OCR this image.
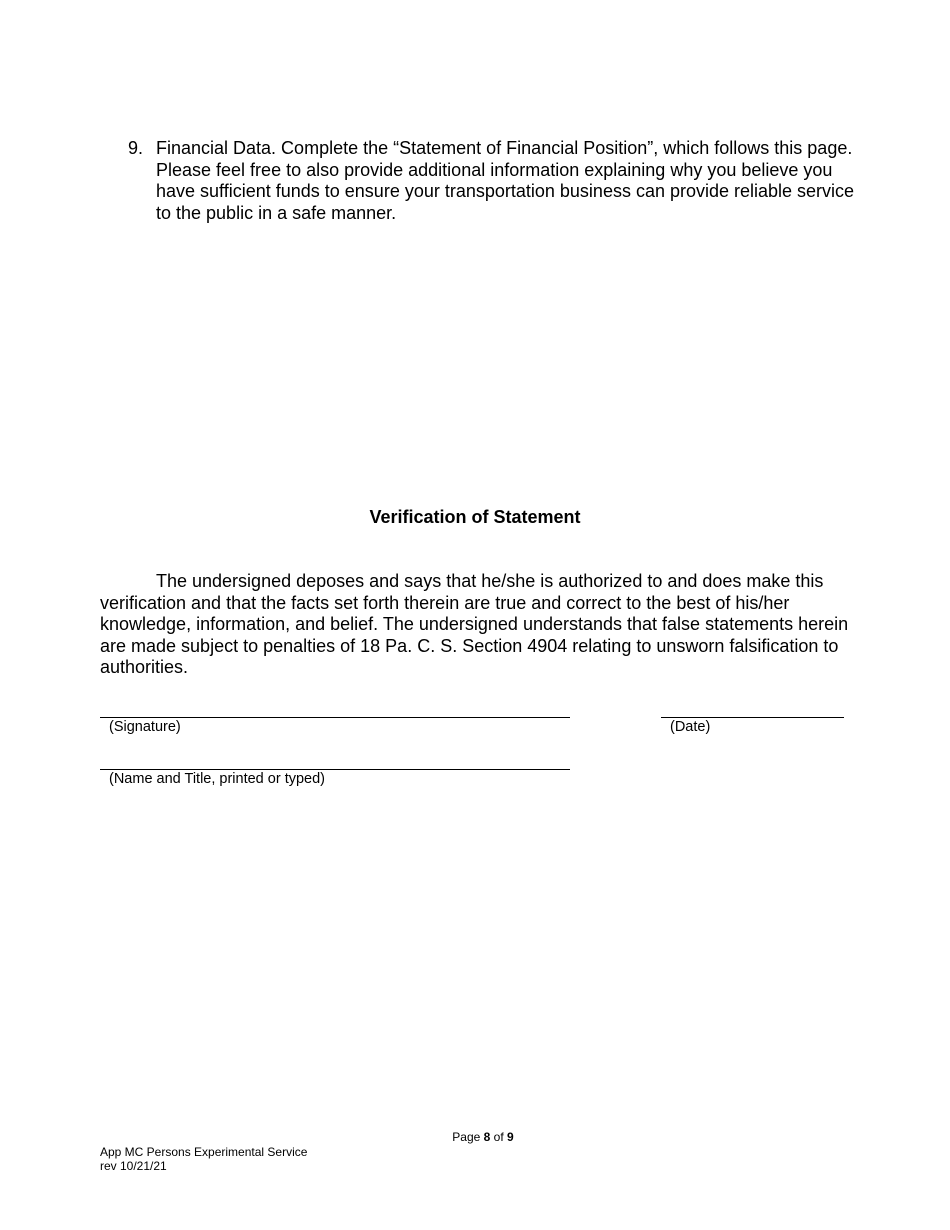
9. Financial Data. Complete the “Statement of Financial Position”, which follows this page. Please feel free to also provide additional information explaining why you believe you have sufficient funds to ensure your transportation business can provide reliable service to the public in a safe manner.
Verification of Statement

The undersigned deposes and says that he/she is authorized to and does make this verification and that the facts set forth therein are true and correct to the best of his/her knowledge, information, and belief. The undersigned understands that false statements herein are made subject to penalties of 18 Pa. C. S. Section 4904 relating to unsworn falsification to authorities.

(Signature)	(Date)
(Name and Title, printed or typed)
Page 8 of 9
App MC Persons Experimental Service
rev 10/21/21
